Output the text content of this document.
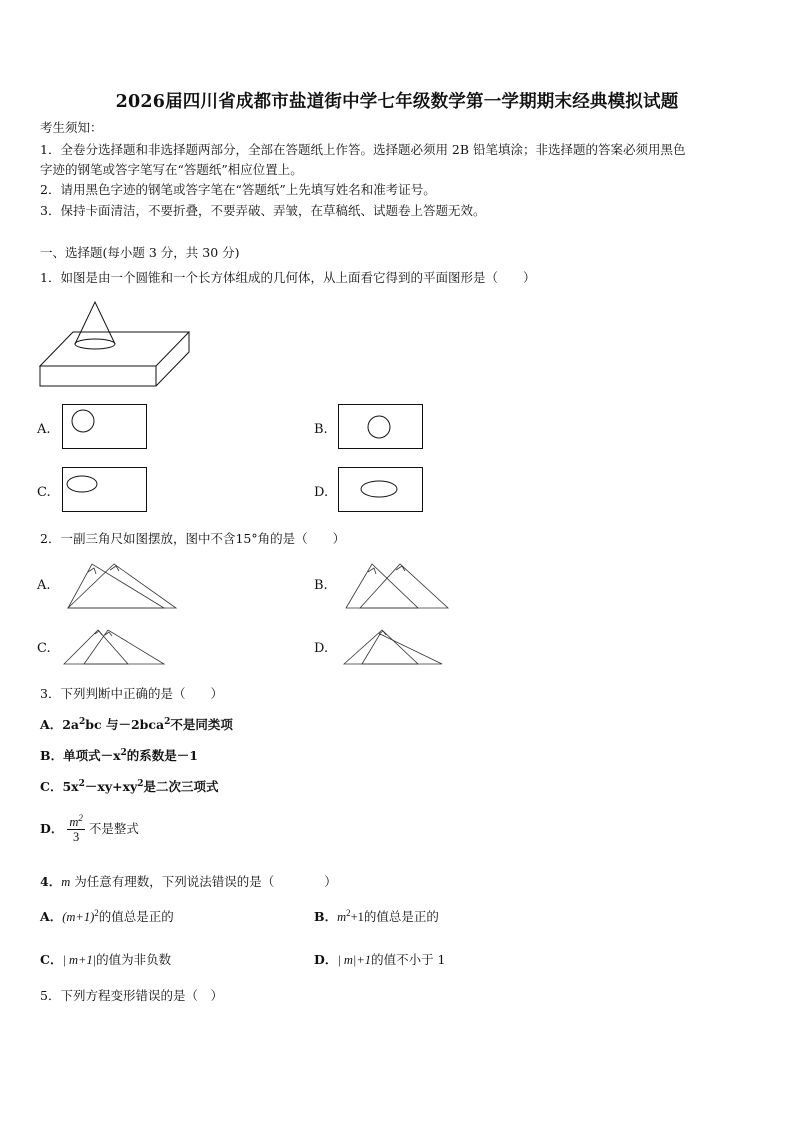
2026届四川省成都市盐道街中学七年级数学第一学期期末经典模拟试题
考生须知：
1．全卷分选择题和非选择题两部分，全部在答题纸上作答。选择题必须用 2B 铅笔填涂；非选择题的答案必须用黑色
字迹的钢笔或答字笔写在“答题纸”相应位置上。
2．请用黑色字迹的钢笔或答字笔在“答题纸”上先填写姓名和准考证号。
3．保持卡面清洁，不要折叠，不要弄破、弄皱，在草稿纸、试题卷上答题无效。
一、选择题(每小题 3 分，共 30 分)
1．如图是由一个圆锥和一个长方体组成的几何体，从上面看它得到的平面图形是（　　）
A.	B.
C.	D.
2．一副三角尺如图摆放，图中不含15°角的是（　　）
A.	B.
C.	D.
3．下列判断中正确的是（　　）
A．$2a^2bc$ 与－2bca$^2$不是同类项
B．单项式$-x^2$的系数是－1
C．$5x^2-xy+xy^2$是二次三项式
D． $\frac{m^2}{3}$ 不是整式
4．m 为任意有理数，下列说法错误的是（　　　　）
A．$(m+1)^2$的值总是正的	B．$m^2+1$的值总是正的
C．| m+1|的值为非负数	D．| m|+1的值不小于 1
5．下列方程变形错误的是（　）
